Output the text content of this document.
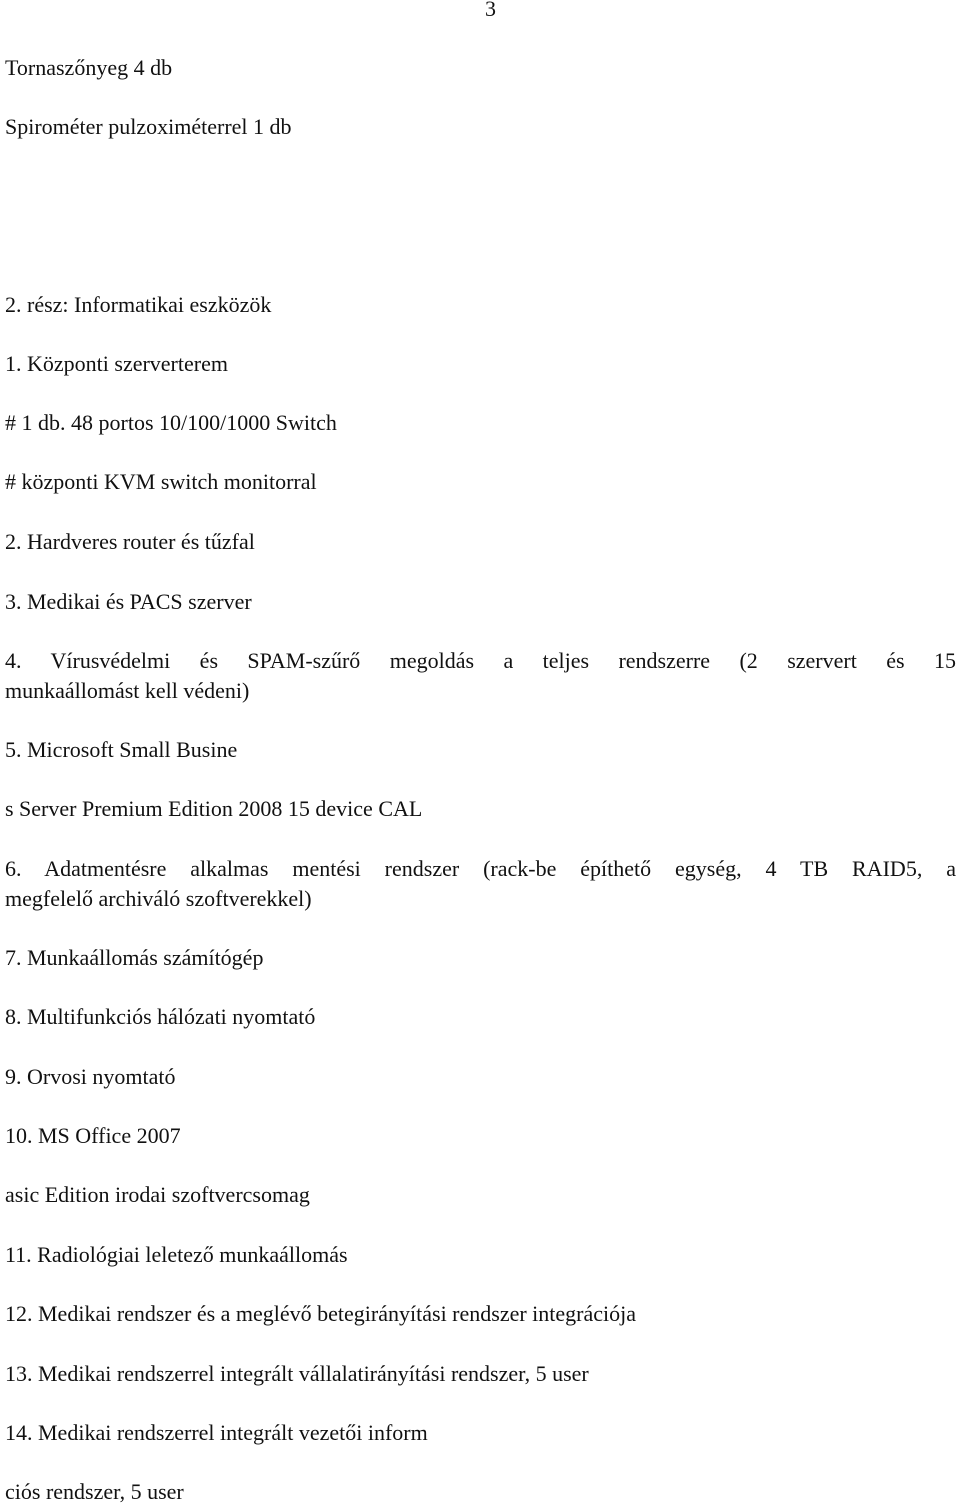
3
Tornaszőnyeg 4 db
Spirométer pulzoximéterrel 1 db
2. rész: Informatikai eszközök
1. Központi szerverterem
# 1 db. 48 portos 10/100/1000 Switch
# központi KVM switch monitorral
2. Hardveres router és tűzfal
3. Medikai és PACS szerver
4. Vírusvédelmi és SPAM-szűrő megoldás a teljes rendszerre (2 szervert és 15
munkaállomást kell védeni)
5. Microsoft Small Busine
s Server Premium Edition 2008 15 device CAL
6. Adatmentésre alkalmas mentési rendszer (rack-be építhető egység, 4 TB RAID5, a
megfelelő archiváló szoftverekkel)
7. Munkaállomás számítógép
8. Multifunkciós hálózati nyomtató
9. Orvosi nyomtató
10. MS Office 2007
asic Edition irodai szoftvercsomag
11. Radiológiai leletező munkaállomás
12. Medikai rendszer és a meglévő betegirányítási rendszer integrációja
13. Medikai rendszerrel integrált vállalatirányítási rendszer, 5 user
14. Medikai rendszerrel integrált vezetői inform
ciós rendszer, 5 user
